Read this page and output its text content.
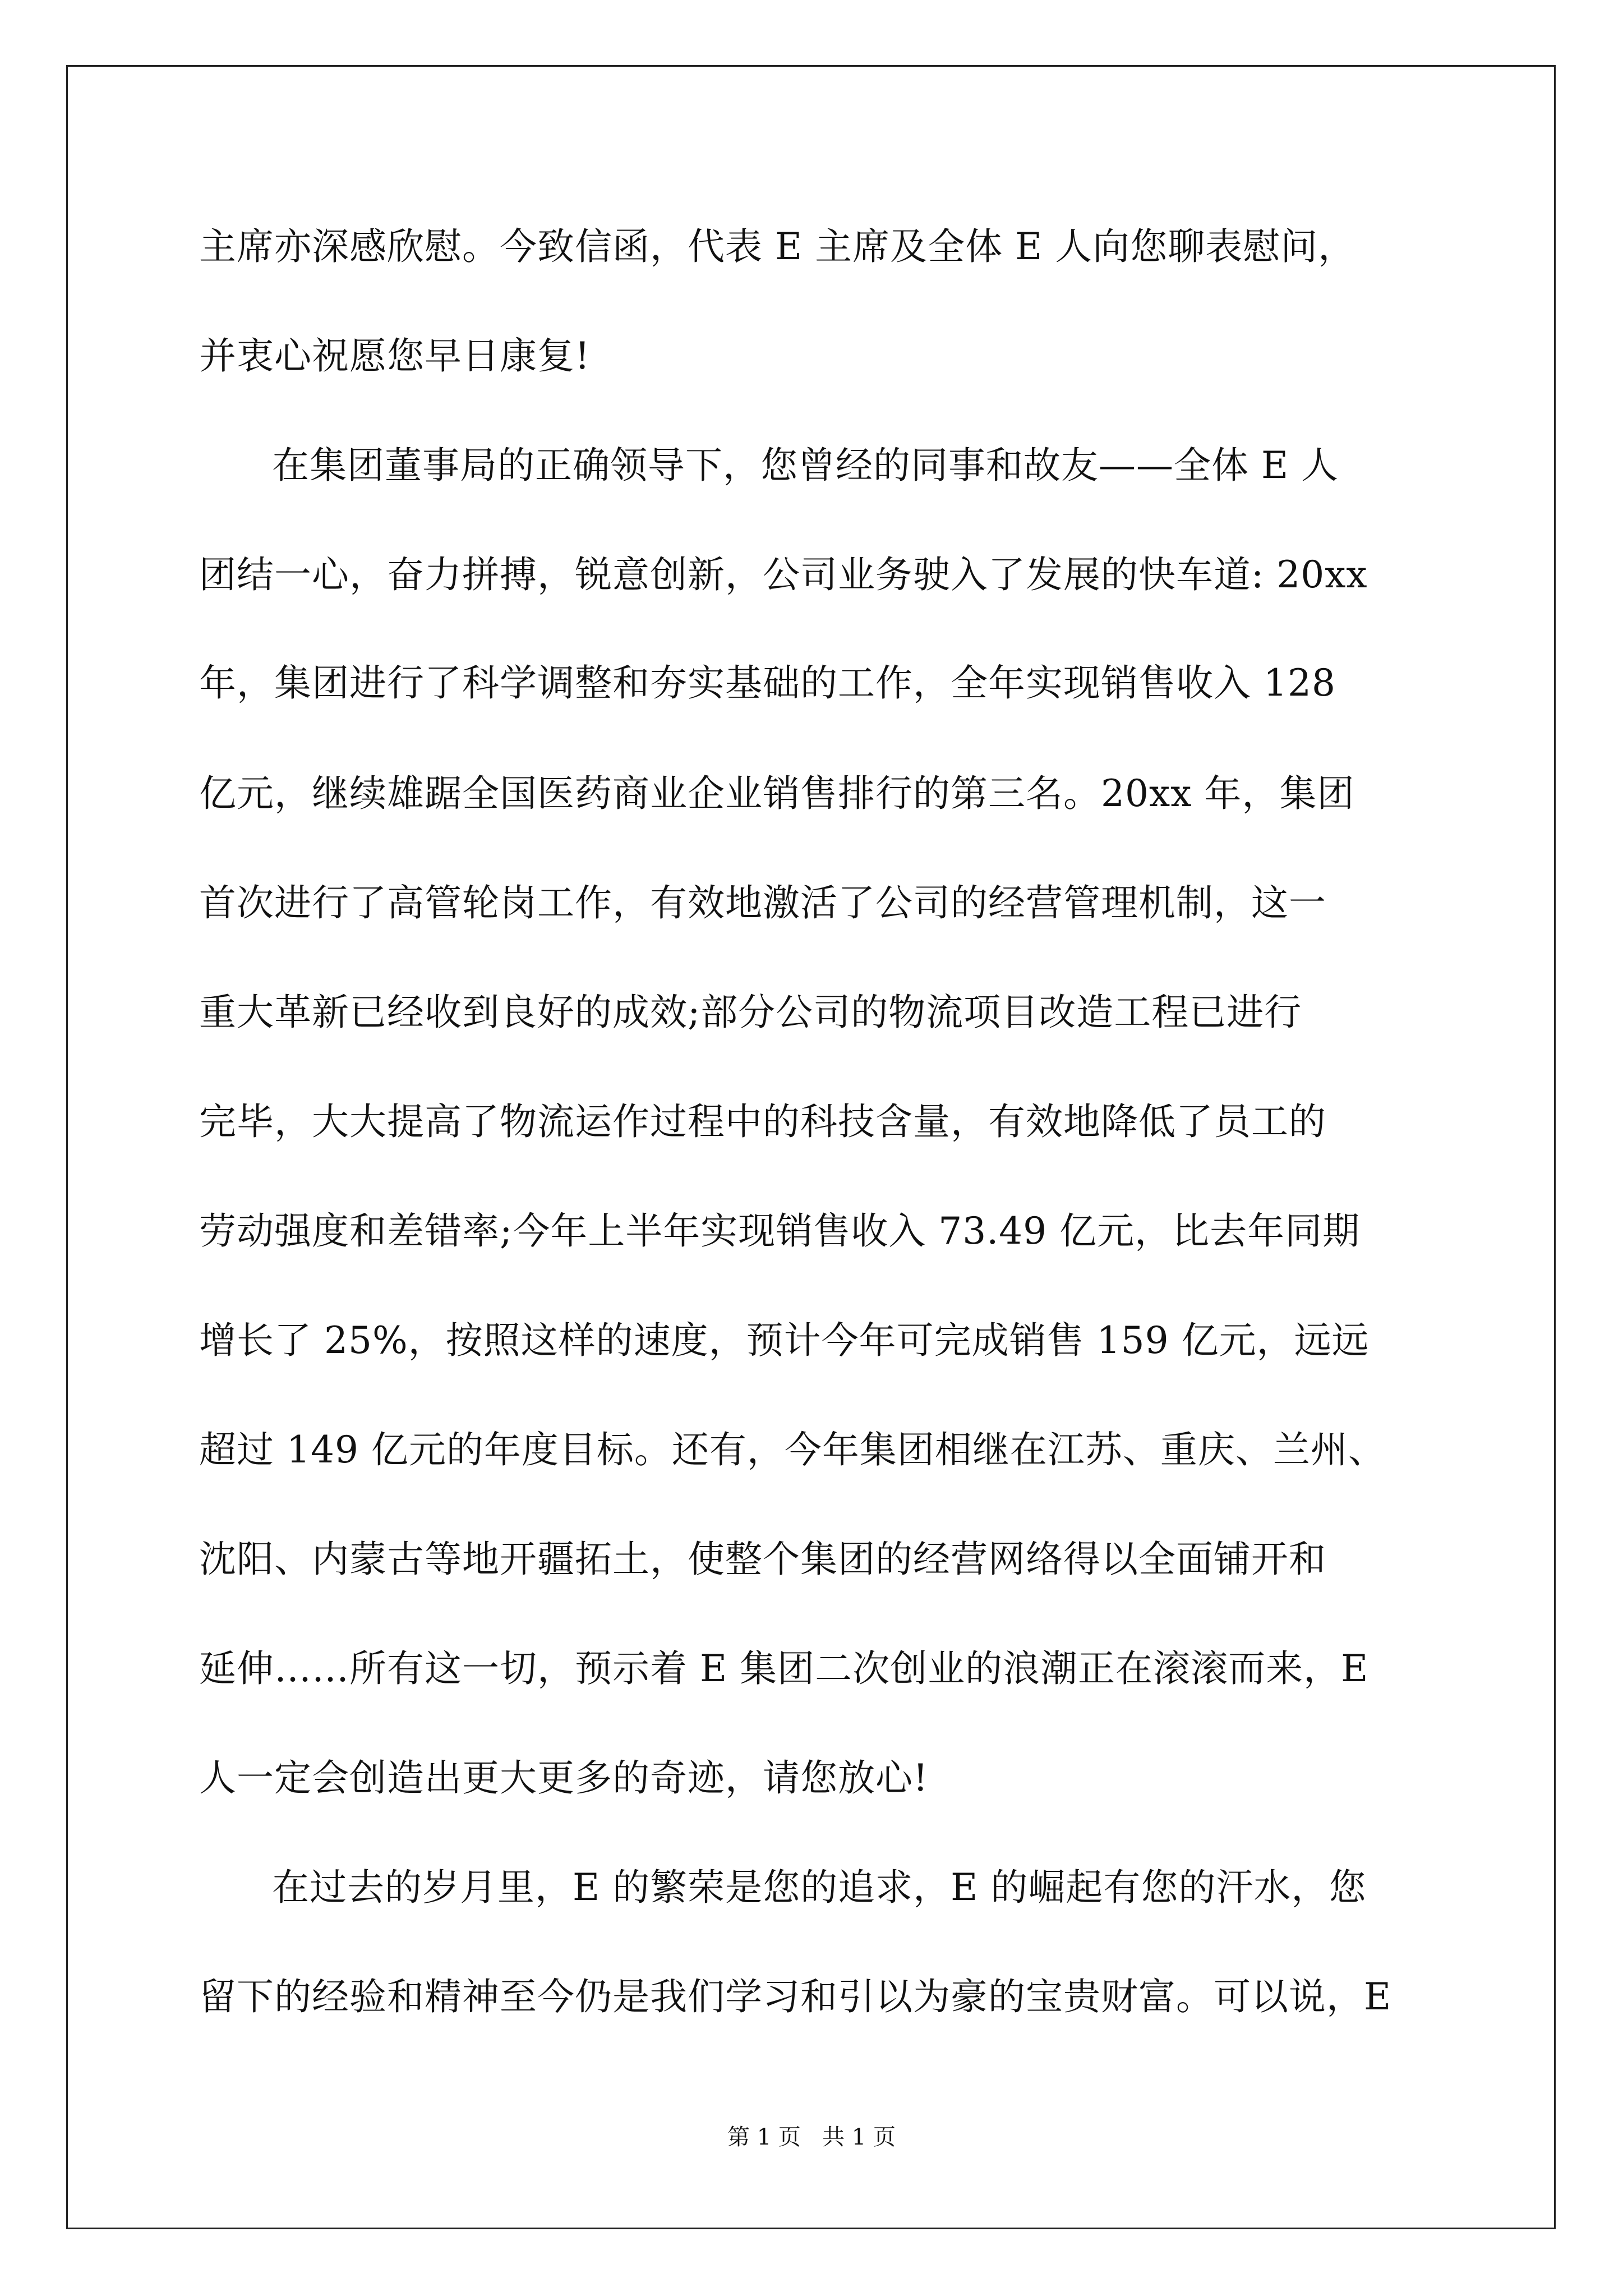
主席亦深感欣慰。今致信函，代表 E 主席及全体 E 人向您聊表慰问，
并衷心祝愿您早日康复!
在集团董事局的正确领导下，您曾经的同事和故友——全体 E 人
团结一心，奋力拼搏，锐意创新，公司业务驶入了发展的快车道: 20xx
年，集团进行了科学调整和夯实基础的工作，全年实现销售收入 128
亿元，继续雄踞全国医药商业企业销售排行的第三名。20xx 年，集团
首次进行了高管轮岗工作，有效地激活了公司的经营管理机制，这一
重大革新已经收到良好的成效;部分公司的物流项目改造工程已进行
完毕，大大提高了物流运作过程中的科技含量，有效地降低了员工的
劳动强度和差错率;今年上半年实现销售收入 73.49 亿元，比去年同期
增长了 25%，按照这样的速度，预计今年可完成销售 159 亿元，远远
超过 149 亿元的年度目标。还有，今年集团相继在江苏、重庆、兰州、
沈阳、内蒙古等地开疆拓土，使整个集团的经营网络得以全面铺开和
延伸……所有这一切，预示着 E 集团二次创业的浪潮正在滚滚而来，E
人一定会创造出更大更多的奇迹，请您放心!
在过去的岁月里，E 的繁荣是您的追求，E 的崛起有您的汗水，您
留下的经验和精神至今仍是我们学习和引以为豪的宝贵财富。可以说，E
第 1 页   共 1 页
